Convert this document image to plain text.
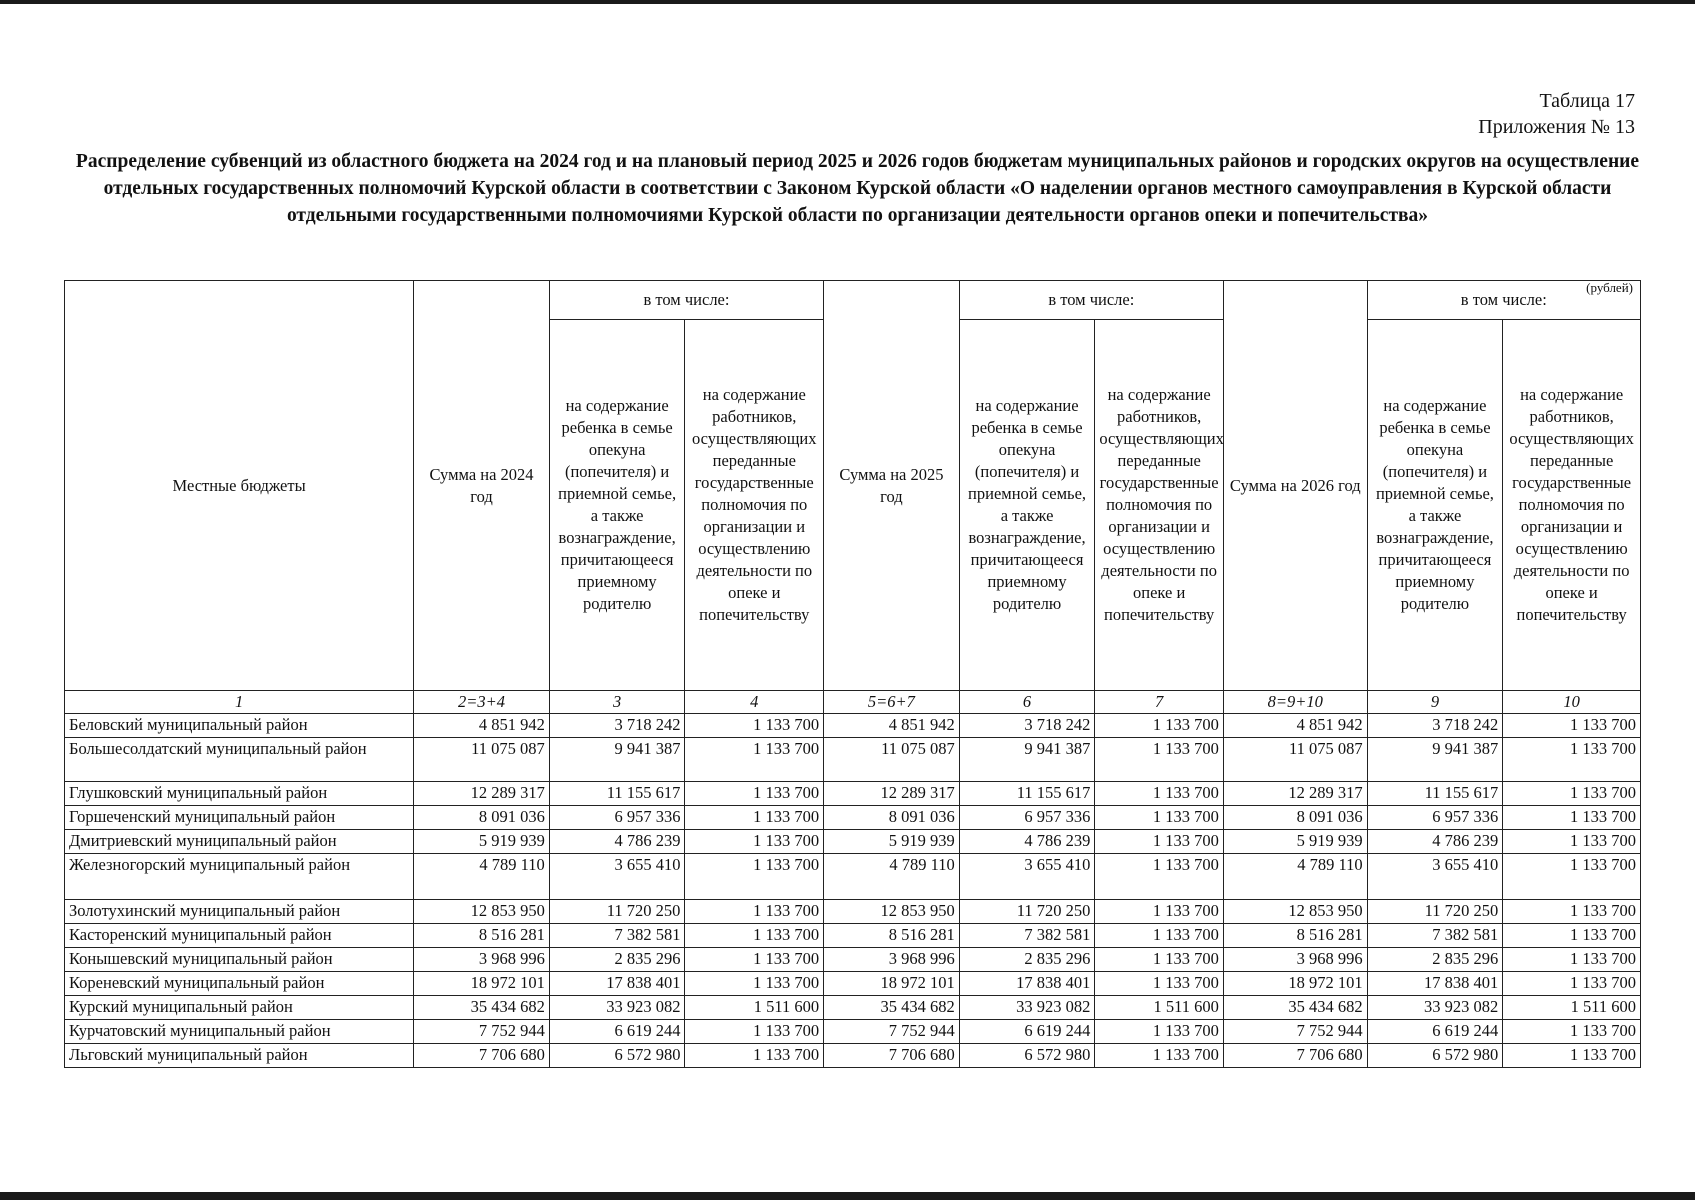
Таблица 17
Приложения № 13
Распределение субвенций из областного бюджета на 2024 год и на плановый период 2025 и 2026 годов бюджетам муниципальных районов и городских округов на осуществление отдельных государственных полномочий Курской области в соответствии с Законом Курской области «О наделении органов местного самоуправления в Курской области отдельными государственными полномочиями Курской области по организации деятельности органов опеки и попечительства»
Местные бюджеты	Сумма на 2024 год	в том числе:		Сумма на 2025 год	в том числе:		Сумма на 2026 год	в том числе:	
		на содержание ребенка в семье опекуна (попечителя) и приемной семье, а также вознаграждение, причитающееся приемному родителю	на содержание работников, осуществляющих переданные государственные полномочия по организации и осуществлению деятельности по опеке и попечительству		на содержание ребенка в семье опекуна (попечителя) и приемной семье, а также вознаграждение, причитающееся приемному родителю	на содержание работников, осуществляющих переданные государственные полномочия по организации и осуществлению деятельности по опеке и попечительству		на содержание ребенка в семье опекуна (попечителя) и приемной семье, а также вознаграждение, причитающееся приемному родителю	на содержание работников, осуществляющих переданные государственные полномочия по организации и осуществлению деятельности по опеке и попечительству
1	2=3+4	3	4	5=6+7	6	7	8=9+10	9	10
Беловский муниципальный район	4 851 942	3 718 242	1 133 700	4 851 942	3 718 242	1 133 700	4 851 942	3 718 242	1 133 700
Большесолдатский муниципальный район	11 075 087	9 941 387	1 133 700	11 075 087	9 941 387	1 133 700	11 075 087	9 941 387	1 133 700
Глушковский муниципальный район	12 289 317	11 155 617	1 133 700	12 289 317	11 155 617	1 133 700	12 289 317	11 155 617	1 133 700
Горшеченский муниципальный район	8 091 036	6 957 336	1 133 700	8 091 036	6 957 336	1 133 700	8 091 036	6 957 336	1 133 700
Дмитриевский муниципальный район	5 919 939	4 786 239	1 133 700	5 919 939	4 786 239	1 133 700	5 919 939	4 786 239	1 133 700
Железногорский муниципальный район	4 789 110	3 655 410	1 133 700	4 789 110	3 655 410	1 133 700	4 789 110	3 655 410	1 133 700
Золотухинский муниципальный район	12 853 950	11 720 250	1 133 700	12 853 950	11 720 250	1 133 700	12 853 950	11 720 250	1 133 700
Касторенский муниципальный район	8 516 281	7 382 581	1 133 700	8 516 281	7 382 581	1 133 700	8 516 281	7 382 581	1 133 700
Конышевский муниципальный район	3 968 996	2 835 296	1 133 700	3 968 996	2 835 296	1 133 700	3 968 996	2 835 296	1 133 700
Кореневский муниципальный район	18 972 101	17 838 401	1 133 700	18 972 101	17 838 401	1 133 700	18 972 101	17 838 401	1 133 700
Курский муниципальный район	35 434 682	33 923 082	1 511 600	35 434 682	33 923 082	1 511 600	35 434 682	33 923 082	1 511 600
Курчатовский муниципальный район	7 752 944	6 619 244	1 133 700	7 752 944	6 619 244	1 133 700	7 752 944	6 619 244	1 133 700
Льговский муниципальный район	7 706 680	6 572 980	1 133 700	7 706 680	6 572 980	1 133 700	7 706 680	6 572 980	1 133 700
(рублей)
